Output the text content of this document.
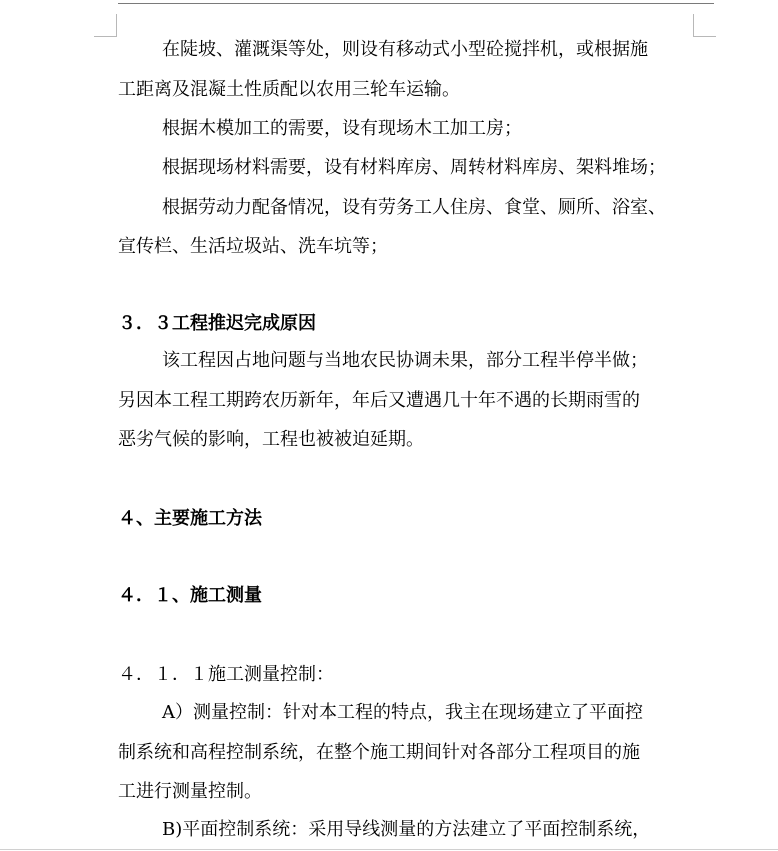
在陡坡、灌溉渠等处，则设有移动式小型砼搅拌机，或根据施
工距离及混凝土性质配以农用三轮车运输。
根据木模加工的需要，设有现场木工加工房；
根据现场材料需要，设有材料库房、周转材料库房、架料堆场；
根据劳动力配备情况，设有劳务工人住房、食堂、厕所、浴室、
宣传栏、生活垃圾站、洗车坑等；
３．３工程推迟完成原因
该工程因占地问题与当地农民协调未果，部分工程半停半做；
另因本工程工期跨农历新年，年后又遭遇几十年不遇的长期雨雪的
恶劣气候的影响，工程也被被迫延期。
４、主要施工方法
４．１、施工测量
４．１．１施工测量控制：
A）测量控制：针对本工程的特点，我主在现场建立了平面控
制系统和高程控制系统，在整个施工期间针对各部分工程项目的施
工进行测量控制。
B)平面控制系统：采用导线测量的方法建立了平面控制系统，
